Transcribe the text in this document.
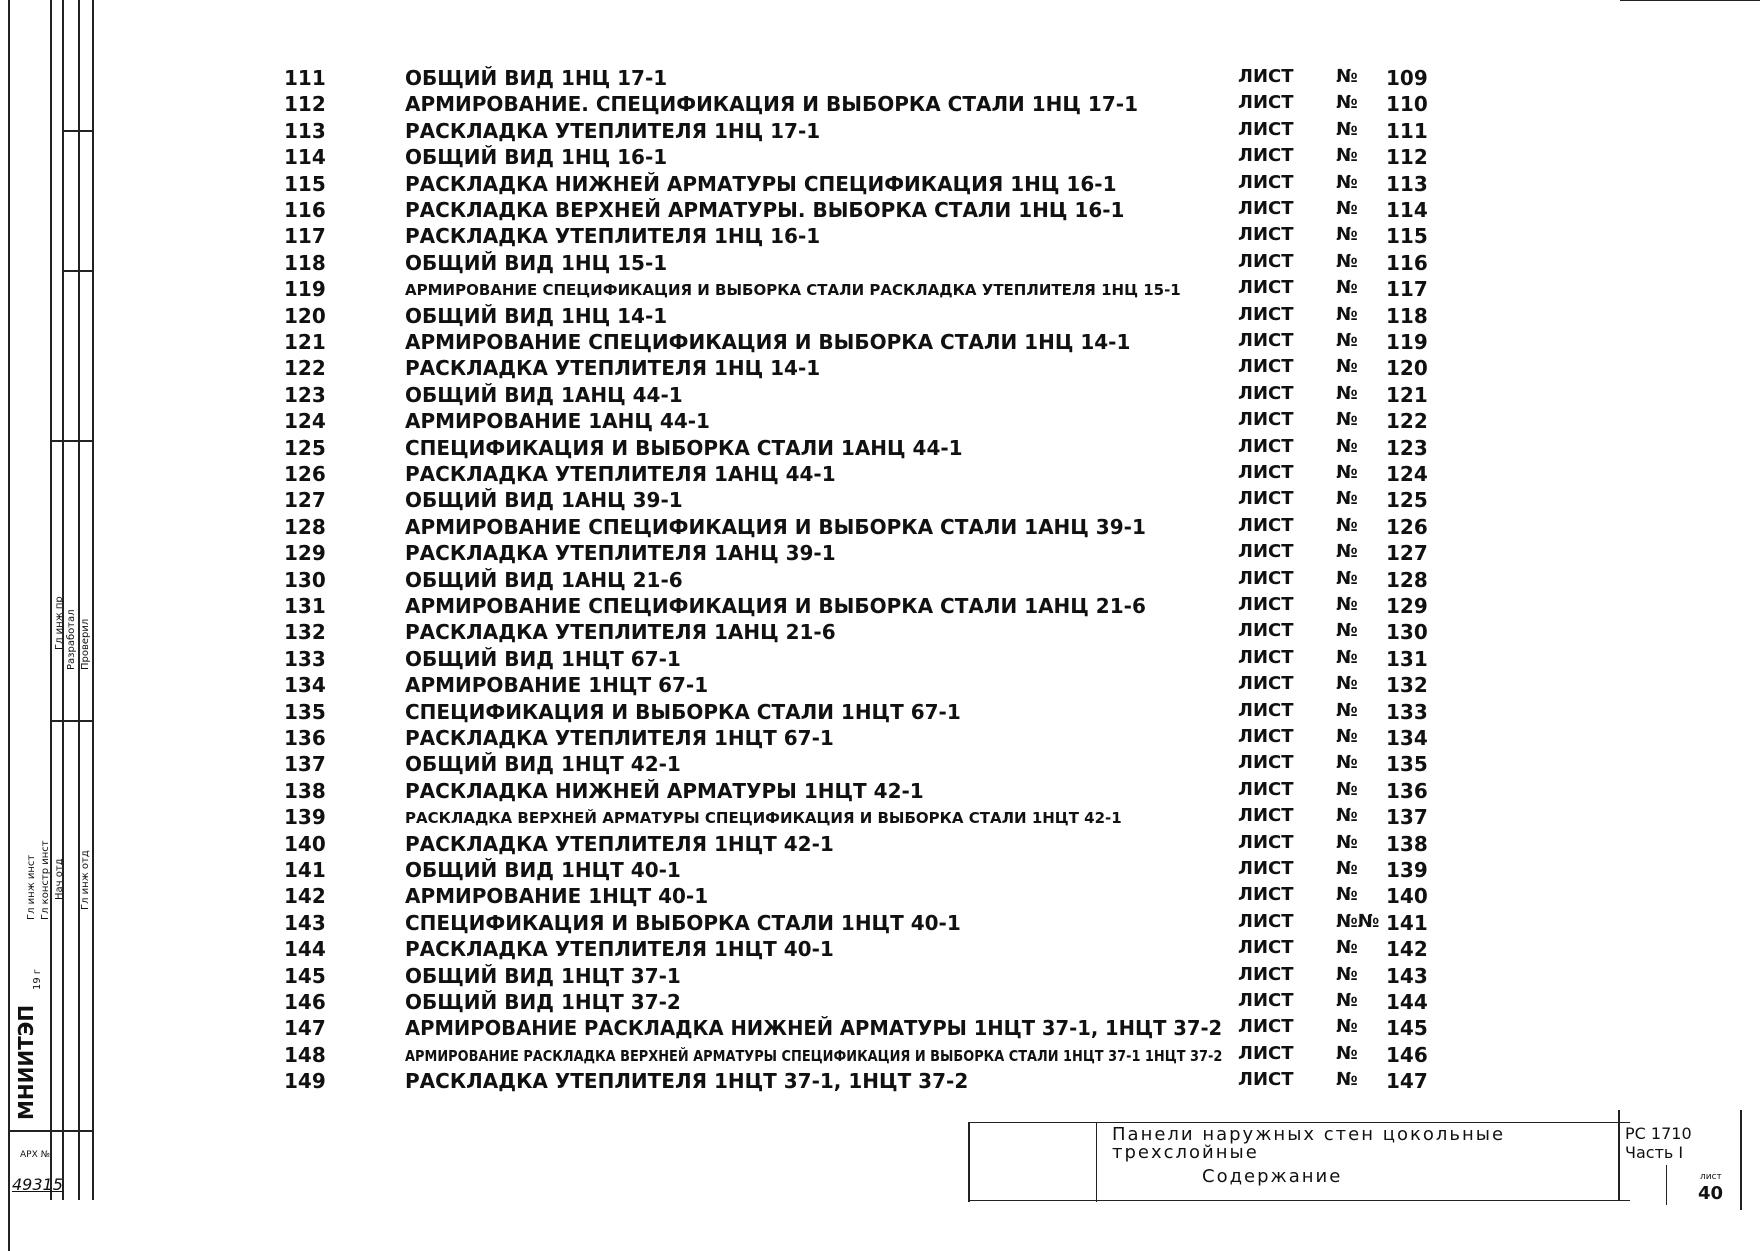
Гл инж пр Разработал Проверил
Гл инж инст Гл констр инст Нач отд Гл инж отд
19 г
МНИИТЭП
АРХ №
49315
111	ОБЩИЙ ВИД 1НЦ 17-1	ЛИСТ № 109
112	АРМИРОВАНИЕ. СПЕЦИФИКАЦИЯ И ВЫБОРКА СТАЛИ 1НЦ 17-1	ЛИСТ № 110
113	РАСКЛАДКА УТЕПЛИТЕЛЯ 1НЦ 17-1	ЛИСТ № 111
114	ОБЩИЙ ВИД 1НЦ 16-1	ЛИСТ № 112
115	РАСКЛАДКА НИЖНЕЙ АРМАТУРЫ СПЕЦИФИКАЦИЯ 1НЦ 16-1	ЛИСТ № 113
116	РАСКЛАДКА ВЕРХНЕЙ АРМАТУРЫ. ВЫБОРКА СТАЛИ 1НЦ 16-1	ЛИСТ № 114
117	РАСКЛАДКА УТЕПЛИТЕЛЯ 1НЦ 16-1	ЛИСТ № 115
118	ОБЩИЙ ВИД 1НЦ 15-1	ЛИСТ № 116
119	АРМИРОВАНИЕ СПЕЦИФИКАЦИЯ И ВЫБОРКА СТАЛИ РАСКЛАДКА УТЕПЛИТЕЛЯ 1НЦ 15-1	ЛИСТ № 117
120	ОБЩИЙ ВИД 1НЦ 14-1	ЛИСТ № 118
121	АРМИРОВАНИЕ СПЕЦИФИКАЦИЯ И ВЫБОРКА СТАЛИ 1НЦ 14-1	ЛИСТ № 119
122	РАСКЛАДКА УТЕПЛИТЕЛЯ 1НЦ 14-1	ЛИСТ № 120
123	ОБЩИЙ ВИД 1АНЦ 44-1	ЛИСТ № 121
124	АРМИРОВАНИЕ 1АНЦ 44-1	ЛИСТ № 122
125	СПЕЦИФИКАЦИЯ И ВЫБОРКА СТАЛИ 1АНЦ 44-1	ЛИСТ № 123
126	РАСКЛАДКА УТЕПЛИТЕЛЯ 1АНЦ 44-1	ЛИСТ № 124
127	ОБЩИЙ ВИД 1АНЦ 39-1	ЛИСТ № 125
128	АРМИРОВАНИЕ СПЕЦИФИКАЦИЯ И ВЫБОРКА СТАЛИ 1АНЦ 39-1	ЛИСТ № 126
129	РАСКЛАДКА УТЕПЛИТЕЛЯ 1АНЦ 39-1	ЛИСТ № 127
130	ОБЩИЙ ВИД 1АНЦ 21-6	ЛИСТ № 128
131	АРМИРОВАНИЕ СПЕЦИФИКАЦИЯ И ВЫБОРКА СТАЛИ 1АНЦ 21-6	ЛИСТ № 129
132	РАСКЛАДКА УТЕПЛИТЕЛЯ 1АНЦ 21-6	ЛИСТ № 130
133	ОБЩИЙ ВИД 1НЦТ 67-1	ЛИСТ № 131
134	АРМИРОВАНИЕ 1НЦТ 67-1	ЛИСТ № 132
135	СПЕЦИФИКАЦИЯ И ВЫБОРКА СТАЛИ 1НЦТ 67-1	ЛИСТ № 133
136	РАСКЛАДКА УТЕПЛИТЕЛЯ 1НЦТ 67-1	ЛИСТ № 134
137	ОБЩИЙ ВИД 1НЦТ 42-1	ЛИСТ № 135
138	РАСКЛАДКА НИЖНЕЙ АРМАТУРЫ 1НЦТ 42-1	ЛИСТ № 136
139	РАСКЛАДКА ВЕРХНЕЙ АРМАТУРЫ СПЕЦИФИКАЦИЯ И ВЫБОРКА СТАЛИ 1НЦТ 42-1	ЛИСТ № 137
140	РАСКЛАДКА УТЕПЛИТЕЛЯ 1НЦТ 42-1	ЛИСТ № 138
141	ОБЩИЙ ВИД 1НЦТ 40-1	ЛИСТ № 139
142	АРМИРОВАНИЕ 1НЦТ 40-1	ЛИСТ № 140
143	СПЕЦИФИКАЦИЯ И ВЫБОРКА СТАЛИ 1НЦТ 40-1	ЛИСТ №№ 141
144	РАСКЛАДКА УТЕПЛИТЕЛЯ 1НЦТ 40-1	ЛИСТ № 142
145	ОБЩИЙ ВИД 1НЦТ 37-1	ЛИСТ № 143
146	ОБЩИЙ ВИД 1НЦТ 37-2	ЛИСТ № 144
147	АРМИРОВАНИЕ РАСКЛАДКА НИЖНЕЙ АРМАТУРЫ 1НЦТ 37-1, 1НЦТ 37-2 ЛИСТ № 145
148	АРМИРОВАНИЕ РАСКЛАДКА ВЕРХНЕЙ АРМАТУРЫ СПЕЦИФИКАЦИЯ И ВЫБОРКА СТАЛИ 1НЦТ 37-1 1НЦТ 37-2 ЛИСТ № 146
149	РАСКЛАДКА УТЕПЛИТЕЛЯ 1НЦТ 37-1, 1НЦТ 37-2	ЛИСТ № 147
Панели наружных стен цокольные
трехслойные
Содержание
РС 1710
Часть I
лист
40
